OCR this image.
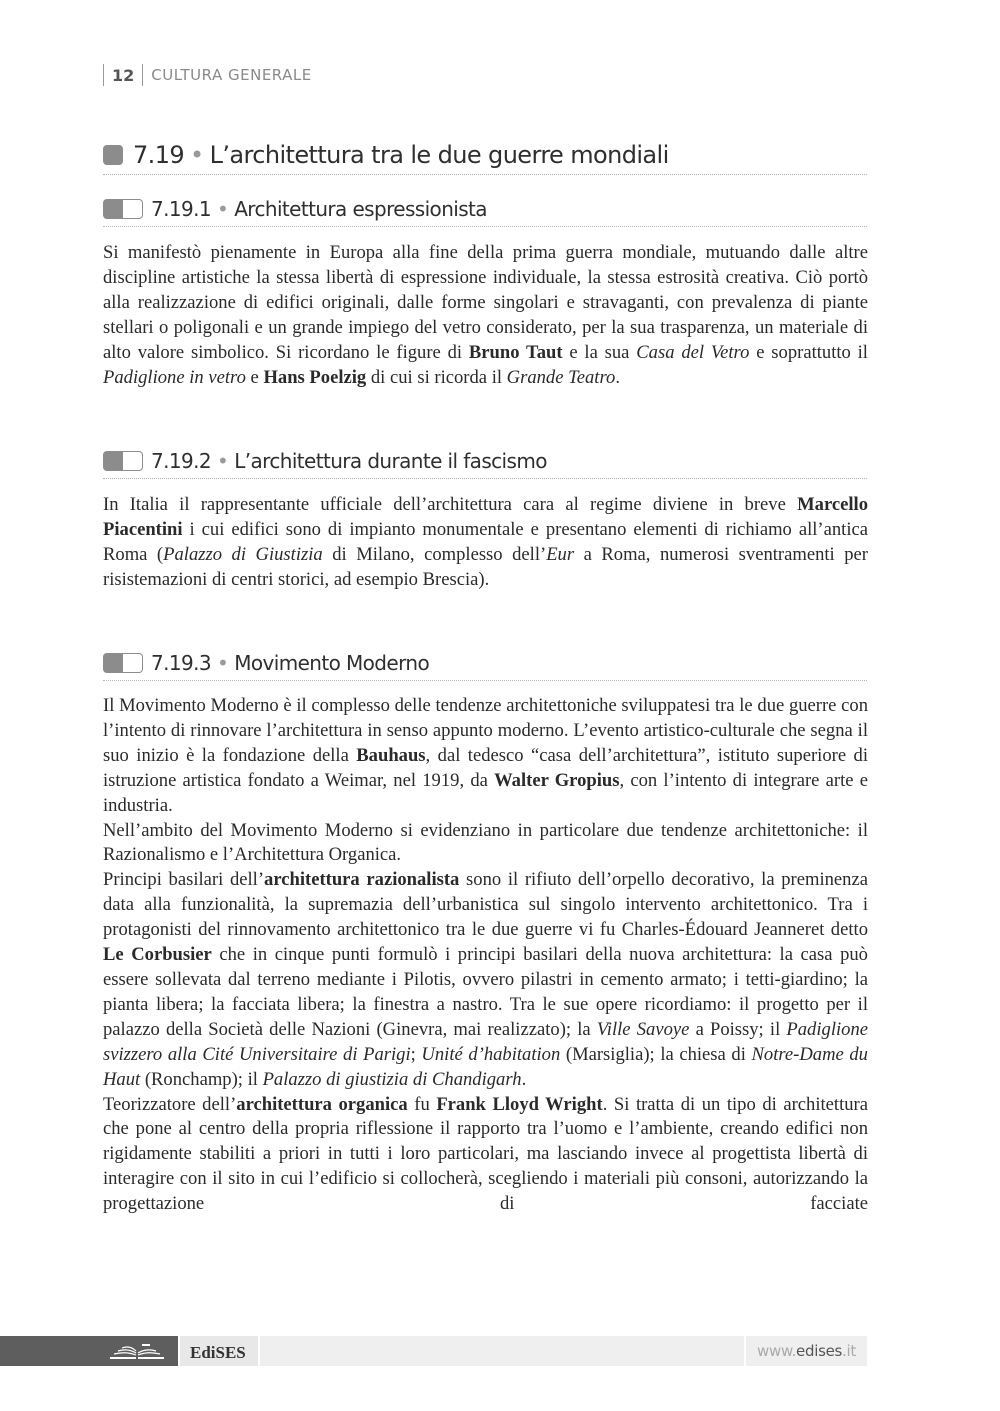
12	CULTURA GENERALE
7.19 • L’architettura tra le due guerre mondiali
7.19.1 • Architettura espressionista

Si manifestò pienamente in Europa alla fine della prima guerra mondiale, mutuando dalle altre discipline artistiche la stessa libertà di espressione individuale, la stessa estrosità creativa. Ciò portò alla realizzazione di edifici originali, dalle forme singolari e stravaganti, con prevalenza di piante stellari o poligonali e un grande impiego del vetro considerato, per la sua trasparenza, un materiale di alto valore simbolico. Si ricordano le figure di Bruno Taut e la sua Casa del Vetro e soprattutto il Padiglione in vetro e Hans Poelzig di cui si ricorda il Grande Teatro.

7.19.2 • L’architettura durante il fascismo

In Italia il rappresentante ufficiale dell’architettura cara al regime diviene in breve Marcello Piacentini i cui edifici sono di impianto monumentale e presentano elementi di richiamo all’antica Roma (Palazzo di Giustizia di Milano, complesso dell’Eur a Roma, numerosi sventramenti per risistemazioni di centri storici, ad esempio Brescia).

7.19.3 • Movimento Moderno

Il Movimento Moderno è il complesso delle tendenze architettoniche sviluppatesi tra le due guerre con l’intento di rinnovare l’architettura in senso appunto moderno. L’evento artistico-culturale che segna il suo inizio è la fondazione della Bauhaus, dal tedesco “casa dell’architettura”, istituto superiore di istruzione artistica fondato a Weimar, nel 1919, da Walter Gropius, con l’intento di integrare arte e industria.

Nell’ambito del Movimento Moderno si evidenziano in particolare due tendenze architettoniche: il Razionalismo e l’Architettura Organica.

Principi basilari dell’architettura razionalista sono il rifiuto dell’orpello decorativo, la preminenza data alla funzionalità, la supremazia dell’urbanistica sul singolo intervento architettonico. Tra i protagonisti del rinnovamento architettonico tra le due guerre vi fu Charles-Édouard Jeanneret detto Le Corbusier che in cinque punti formulò i principi basilari della nuova architettura: la casa può essere sollevata dal terreno mediante i Pilotis, ovvero pilastri in cemento armato; i tetti-giardino; la pianta libera; la facciata libera; la finestra a nastro. Tra le sue opere ricordiamo: il progetto per il palazzo della Società delle Nazioni (Ginevra, mai realizzato); la Ville Savoye a Poissy; il Padiglione svizzero alla Cité Universitaire di Parigi; Unité d’habitation (Marsiglia); la chiesa di Notre-Dame du Haut (Ronchamp); il Palazzo di giustizia di Chandigarh.

Teorizzatore dell’architettura organica fu Frank Lloyd Wright. Si tratta di un tipo di architettura che pone al centro della propria riflessione il rapporto tra l’uomo e l’ambiente, creando edifici non rigidamente stabiliti a priori in tutti i loro particolari, ma lasciando invece al progettista libertà di interagire con il sito in cui l’edificio si collocherà, scegliendo i materiali più consoni, autorizzando la progettazione di facciate

EdiSES	www.edises.it
